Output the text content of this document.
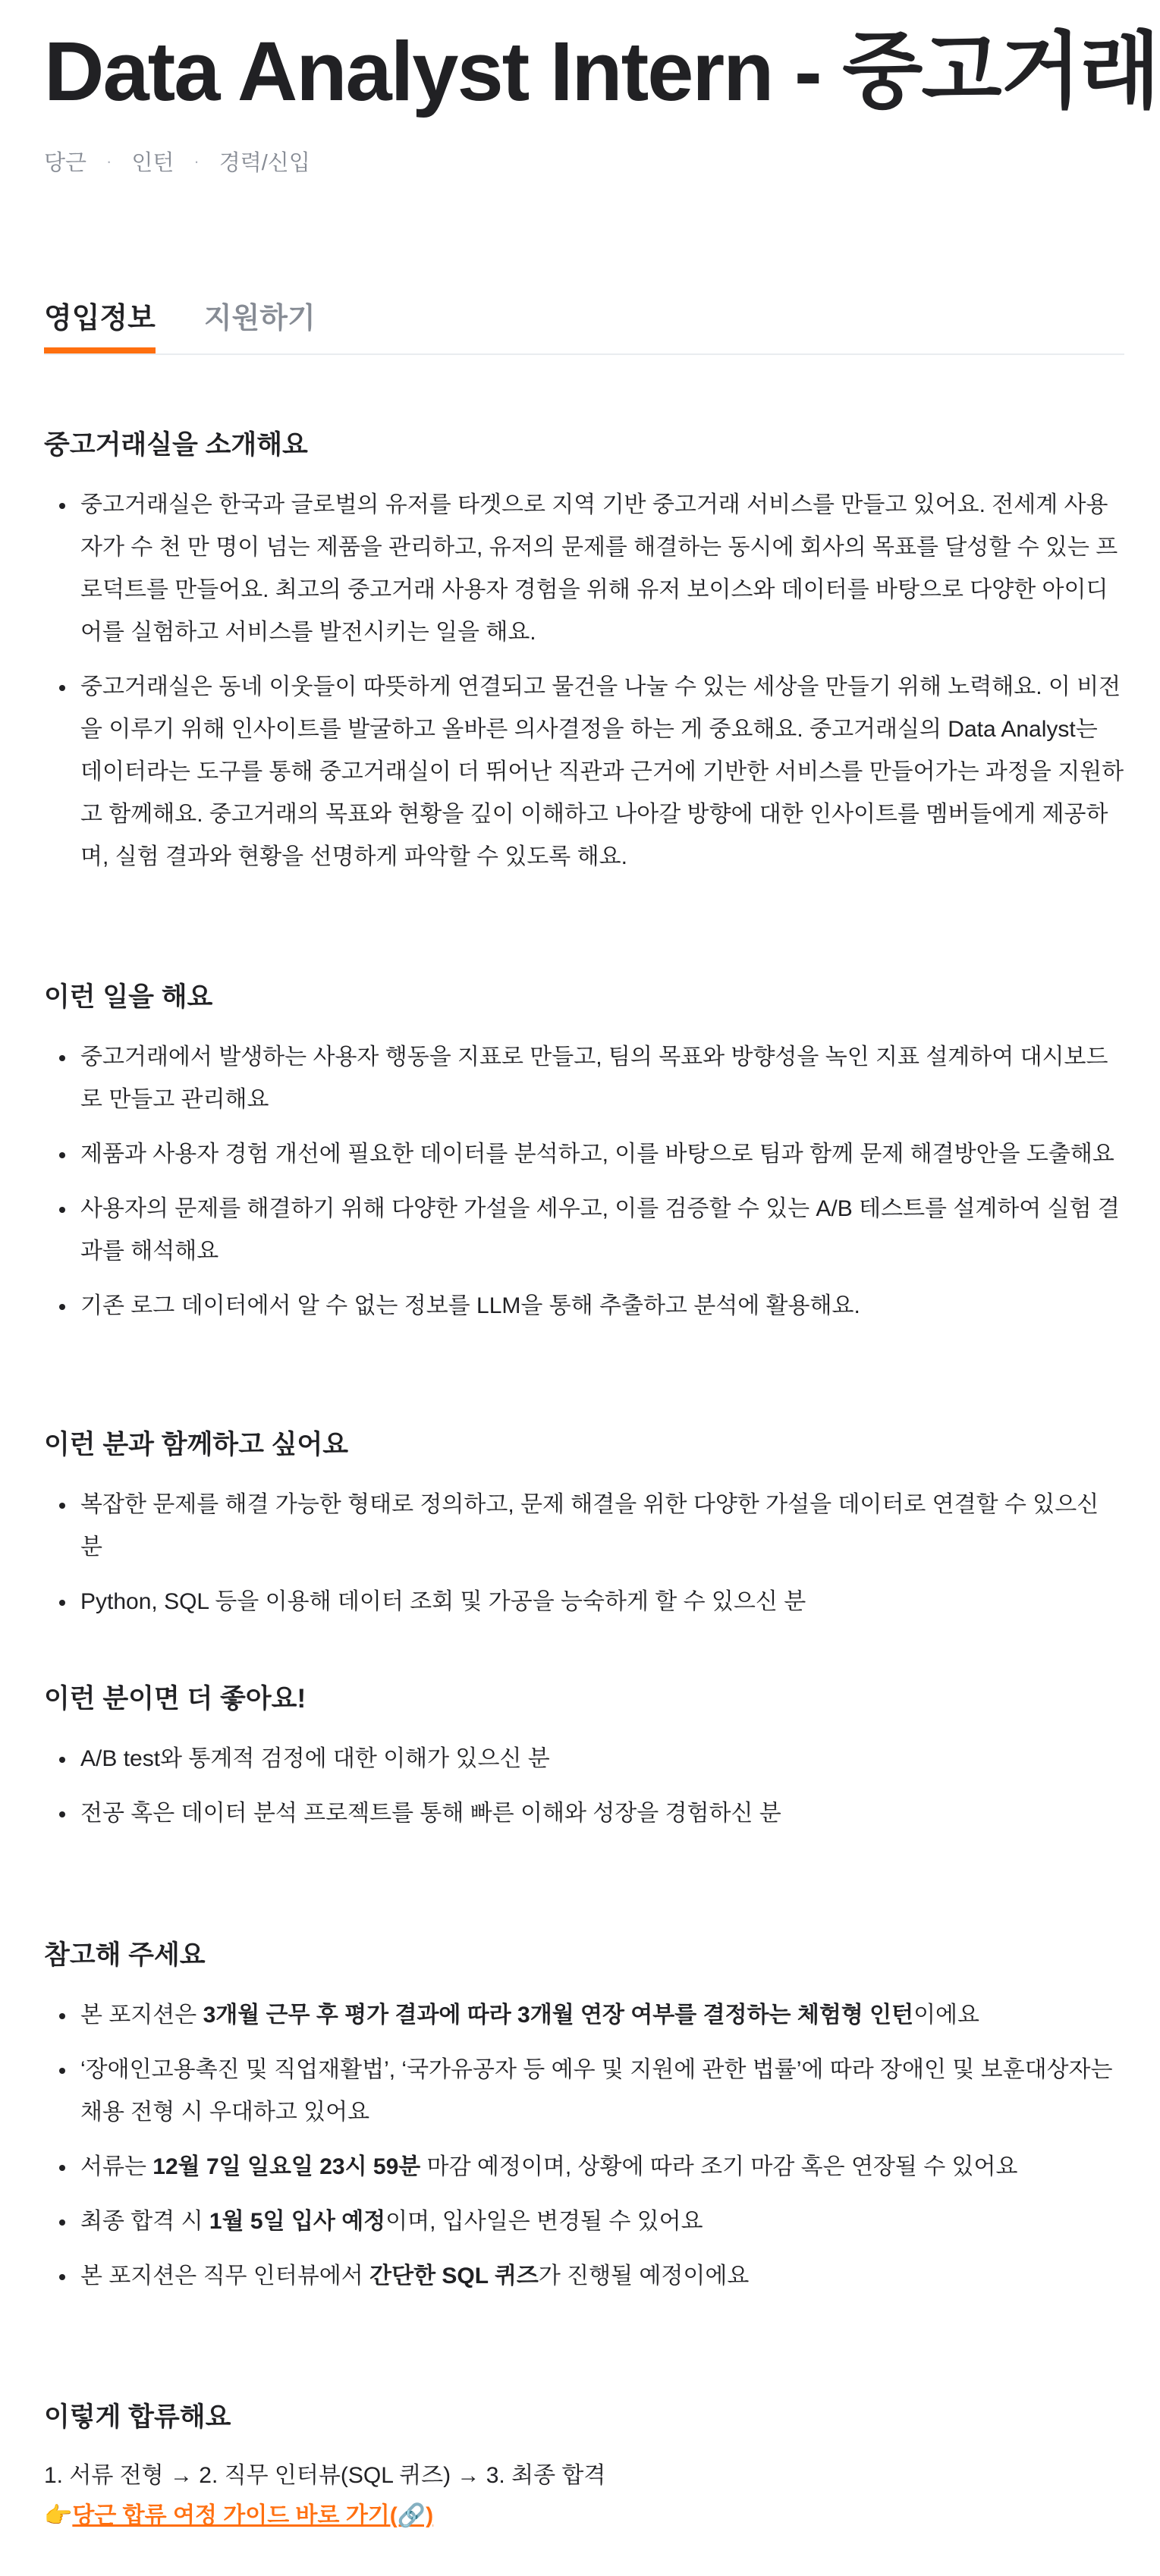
Data Analyst Intern - 중고거래
당근 · 인턴 · 경력/신입
영입정보 지원하기
중고거래실을 소개해요
중고거래실은 한국과 글로벌의 유저를 타겟으로 지역 기반 중고거래 서비스를 만들고 있어요. 전세계 사용자가 수 천 만 명이 넘는 제품을 관리하고, 유저의 문제를 해결하는 동시에 회사의 목표를 달성할 수 있는 프로덕트를 만들어요. 최고의 중고거래 사용자 경험을 위해 유저 보이스와 데이터를 바탕으로 다양한 아이디어를 실험하고 서비스를 발전시키는 일을 해요.
중고거래실은 동네 이웃들이 따뜻하게 연결되고 물건을 나눌 수 있는 세상을 만들기 위해 노력해요. 이 비전을 이루기 위해 인사이트를 발굴하고 올바른 의사결정을 하는 게 중요해요. 중고거래실의 Data Analyst는 데이터라는 도구를 통해 중고거래실이 더 뛰어난 직관과 근거에 기반한 서비스를 만들어가는 과정을 지원하고 함께해요. 중고거래의 목표와 현황을 깊이 이해하고 나아갈 방향에 대한 인사이트를 멤버들에게 제공하며, 실험 결과와 현황을 선명하게 파악할 수 있도록 해요.
이런 일을 해요
중고거래에서 발생하는 사용자 행동을 지표로 만들고, 팀의 목표와 방향성을 녹인 지표 설계하여 대시보드로 만들고 관리해요
제품과 사용자 경험 개선에 필요한 데이터를 분석하고, 이를 바탕으로 팀과 함께 문제 해결방안을 도출해요
사용자의 문제를 해결하기 위해 다양한 가설을 세우고, 이를 검증할 수 있는 A/B 테스트를 설계하여 실험 결과를 해석해요
기존 로그 데이터에서 알 수 없는 정보를 LLM을 통해 추출하고 분석에 활용해요.
이런 분과 함께하고 싶어요
복잡한 문제를 해결 가능한 형태로 정의하고, 문제 해결을 위한 다양한 가설을 데이터로 연결할 수 있으신 분
Python, SQL 등을 이용해 데이터 조회 및 가공을 능숙하게 할 수 있으신 분
이런 분이면 더 좋아요!
A/B test와 통계적 검정에 대한 이해가 있으신 분
전공 혹은 데이터 분석 프로젝트를 통해 빠른 이해와 성장을 경험하신 분
참고해 주세요
본 포지션은 3개월 근무 후 평가 결과에 따라 3개월 연장 여부를 결정하는 체험형 인턴이에요
‘장애인고용촉진 및 직업재활법’, ‘국가유공자 등 예우 및 지원에 관한 법률’에 따라 장애인 및 보훈대상자는 채용 전형 시 우대하고 있어요
서류는 12월 7일 일요일 23시 59분 마감 예정이며, 상황에 따라 조기 마감 혹은 연장될 수 있어요
최종 합격 시 1월 5일 입사 예정이며, 입사일은 변경될 수 있어요
본 포지션은 직무 인터뷰에서 간단한 SQL 퀴즈가 진행될 예정이에요
이렇게 합류해요
1. 서류 전형 → 2. 직무 인터뷰(SQL 퀴즈) → 3. 최종 합격
👉당근 합류 여정 가이드 바로 가기(🔗)
